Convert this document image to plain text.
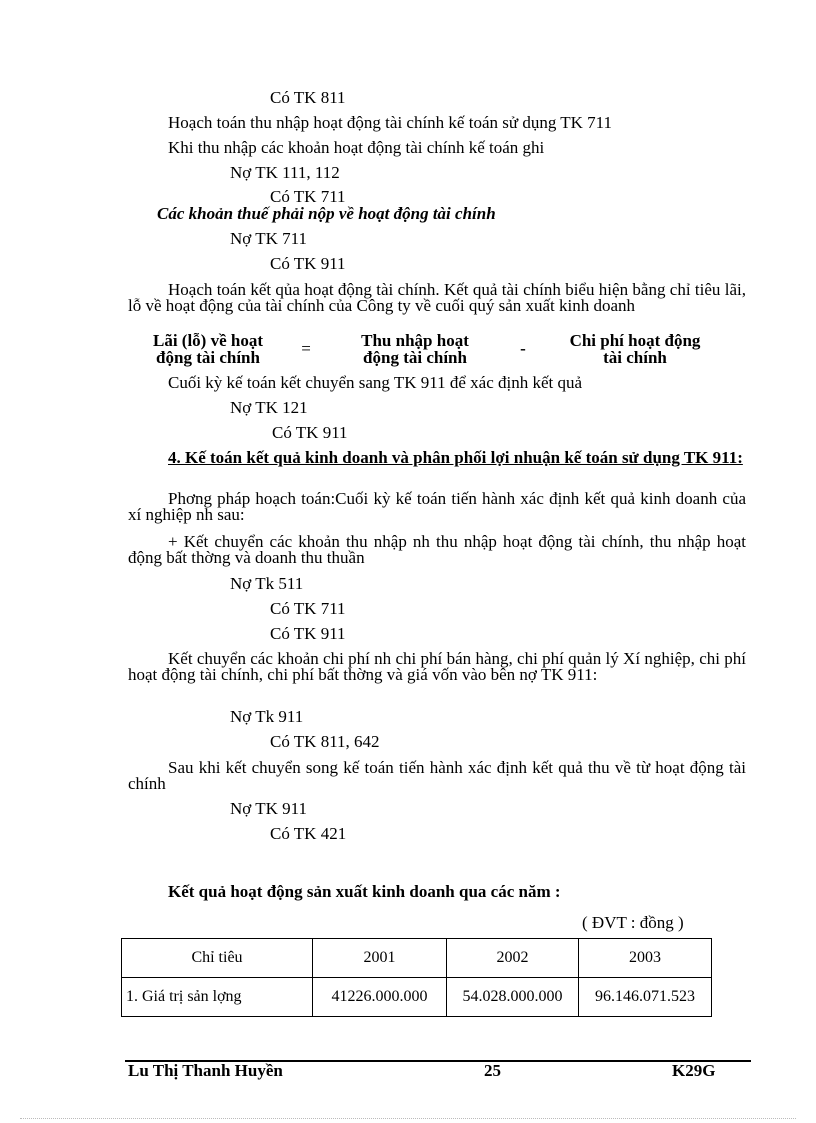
Có TK 811
Hoạch toán thu nhập hoạt động tài chính kế toán sử dụng TK 711
Khi thu nhập các khoản hoạt động tài chính kế toán ghi
Nợ TK 111, 112
Có TK 711
Các khoản thuế phải nộp về hoạt động tài chính
Nợ TK 711
Có TK 911
Hoạch toán kết qủa hoạt động tài chính. Kết quả tài chính biểu hiện bằng chỉ tiêu lãi, lỗ về hoạt động của tài chính của Công ty về cuối quý sản xuất kinh doanh
Lãi (lỗ) về hoạt
động tài chính	=	Thu nhập hoạt
động tài chính	-	Chi phí hoạt động
tài chính
Cuối kỳ kế toán kết chuyển sang TK 911 để xác định kết quả
Nợ TK 121
Có TK 911
4. Kế toán kết quả kinh doanh và phân phối lợi nhuận kế toán sử dụng TK 911:
Phơng pháp hoạch toán:Cuối kỳ kế toán tiến hành xác định kết quả kinh doanh của xí nghiệp nh sau:
+ Kết chuyển các khoản thu nhập nh thu nhập hoạt động tài chính, thu nhập hoạt động bất thờng và doanh thu thuần
Nợ Tk 511
Có TK 711
Có TK 911
Kết chuyển các khoản chi phí nh chi phí bán hàng, chi phí quản lý Xí nghiệp, chi phí hoạt động tài chính, chi phí bất thờng và giá vốn vào bên nợ TK 911:
Nợ Tk 911
Có TK 811, 642
Sau khi kết chuyển song kế toán tiến hành xác định kết quả thu về từ hoạt động tài chính
Nợ TK 911
Có TK 421
Kết quả hoạt động sản xuất kinh doanh qua các năm :
( ĐVT : đồng )
Chỉ tiêu	2001	2002	2003
1. Giá trị sản lợng	41226.000.000	54.028.000.000	96.146.071.523
Lu Thị Thanh Huyền	25	K29G
